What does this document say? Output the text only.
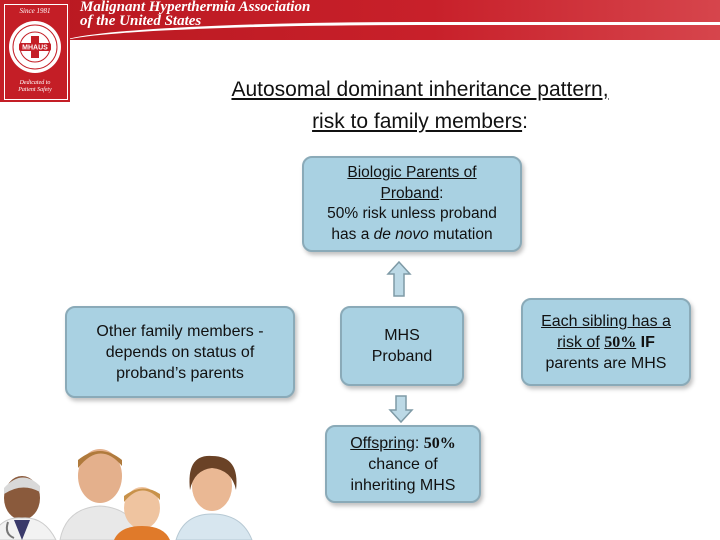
Malignant Hyperthermia Association
of the United States
Since 1981
MHAUS
Dedicated to
Patient Safety	Autosomal dominant inheritance pattern,
risk to family members:
Biologic Parents of
Proband:
50% risk unless proband
has a de novo mutation
Other family members -
depends on status of
proband’s parents
MHS
Proband
Each sibling has a
risk of 50% IF
parents are MHS
Offspring: 50%
chance of
inheriting MHS
